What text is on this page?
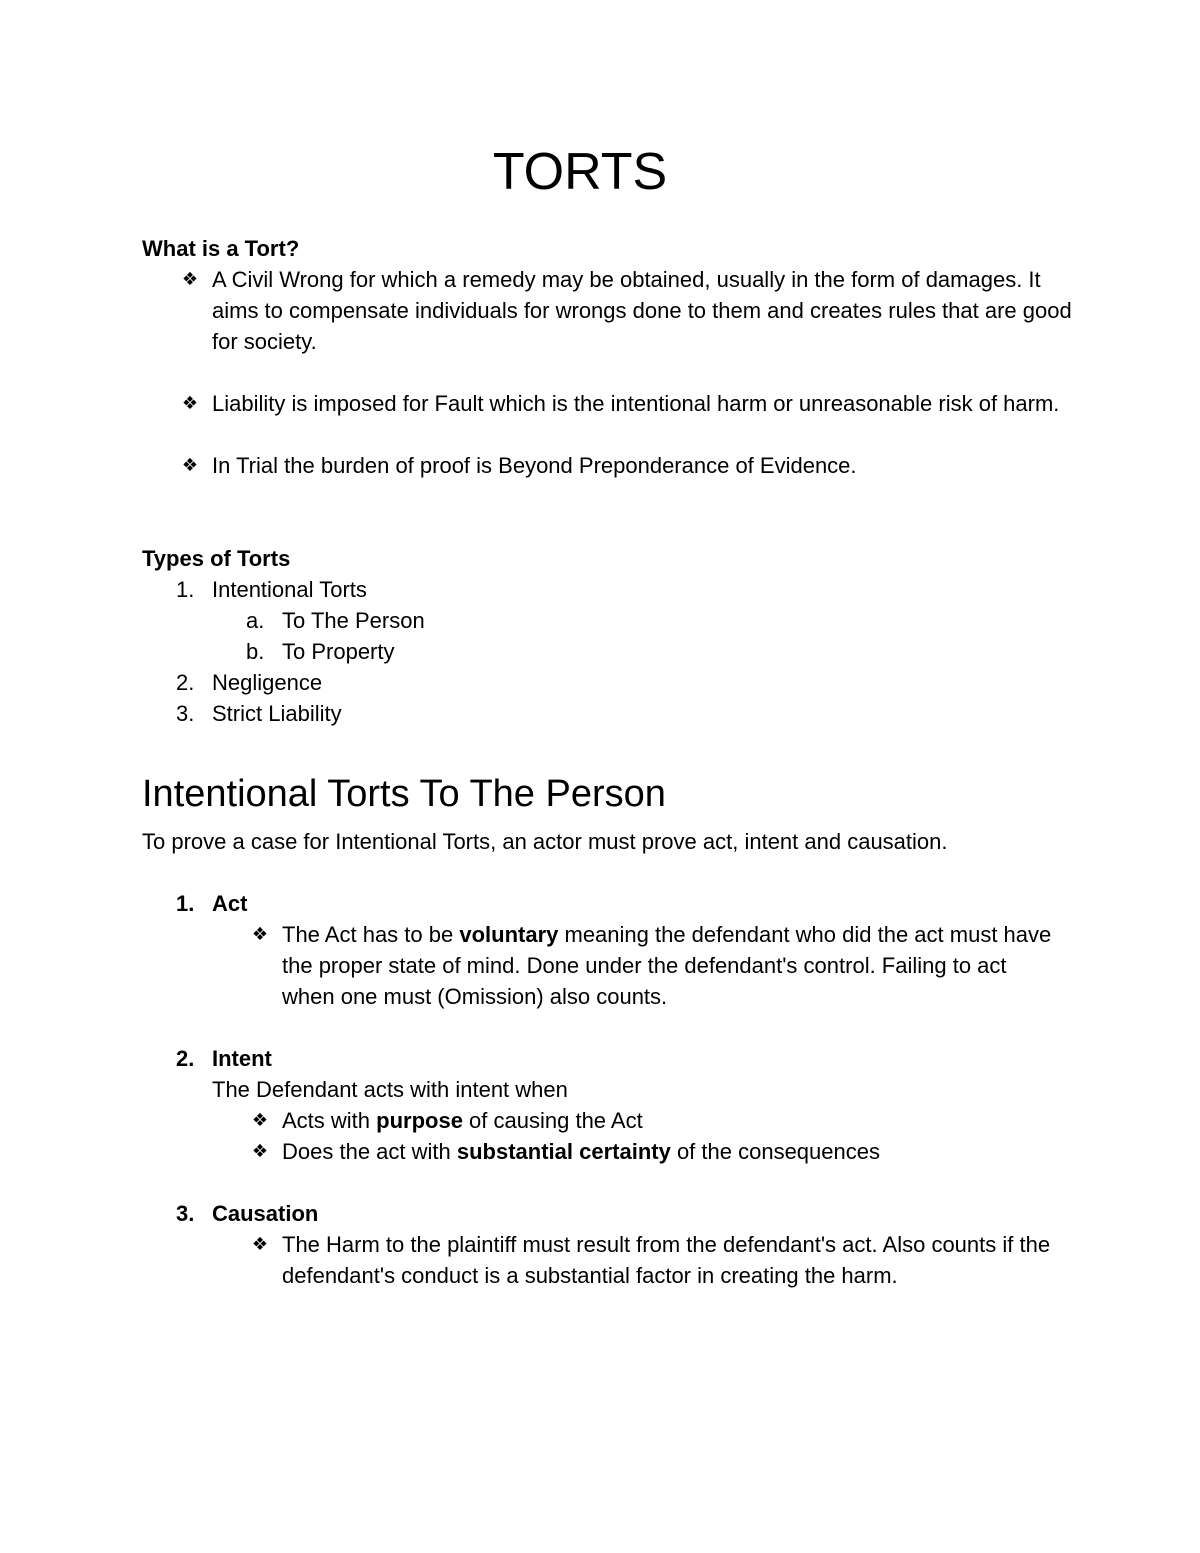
TORTS
What is a Tort?
❖ A Civil Wrong for which a remedy may be obtained, usually in the form of damages. It aims to compensate individuals for wrongs done to them and creates rules that are good for society.
❖ Liability is imposed for Fault which is the intentional harm or unreasonable risk of harm.
❖ In Trial the burden of proof is Beyond Preponderance of Evidence.
Types of Torts
1. Intentional Torts
a. To The Person
b. To Property
2. Negligence
3. Strict Liability
Intentional Torts To The Person
To prove a case for Intentional Torts, an actor must prove act, intent and causation.
1. Act
❖ The Act has to be voluntary meaning the defendant who did the act must have the proper state of mind. Done under the defendant's control. Failing to act when one must (Omission) also counts.
2. Intent
The Defendant acts with intent when
❖ Acts with purpose of causing the Act
❖ Does the act with substantial certainty of the consequences
3. Causation
❖ The Harm to the plaintiff must result from the defendant's act. Also counts if the defendant's conduct is a substantial factor in creating the harm.
